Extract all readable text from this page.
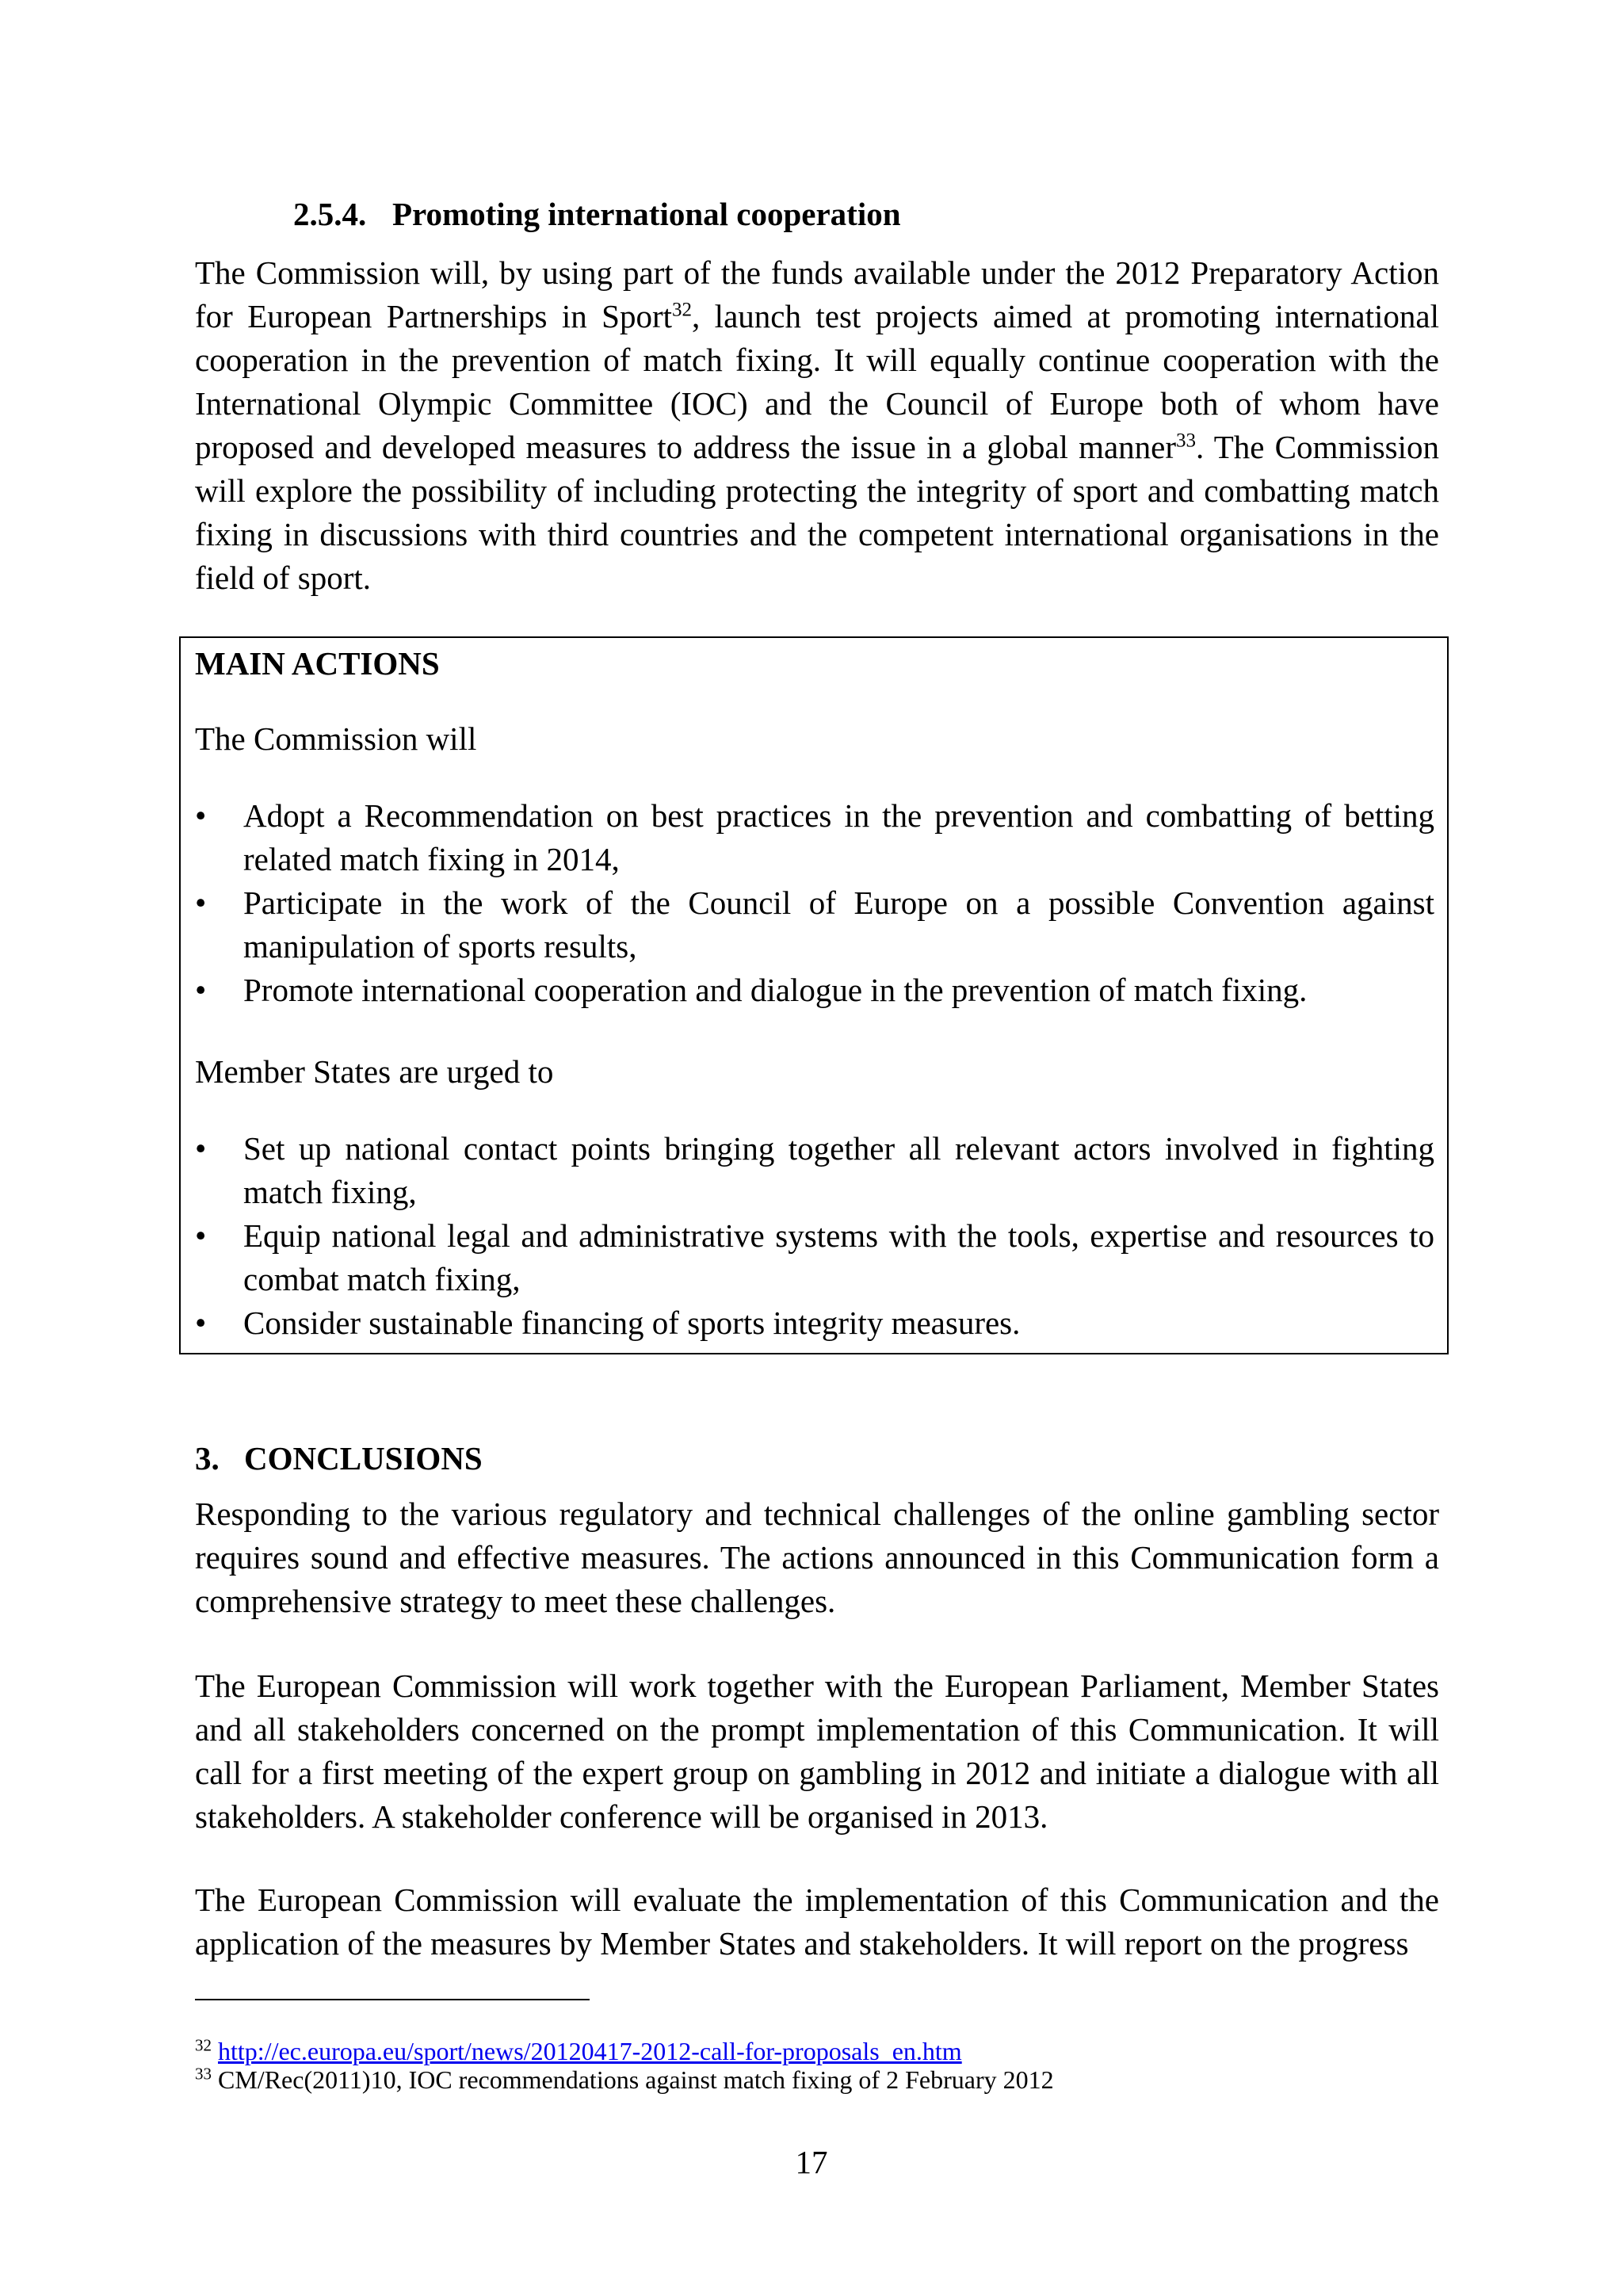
2.5.4. Promoting international cooperation

The Commission will, by using part of the funds available under the 2012 Preparatory Action for European Partnerships in Sport$^{32}$, launch test projects aimed at promoting international cooperation in the prevention of match fixing. It will equally continue cooperation with the International Olympic Committee (IOC) and the Council of Europe both of whom have proposed and developed measures to address the issue in a global manner$^{33}$. The Commission will explore the possibility of including protecting the integrity of sport and combatting match fixing in discussions with third countries and the competent international organisations in the field of sport.

MAIN ACTIONS

The Commission will

•	Adopt a Recommendation on best practices in the prevention and combatting of betting related match fixing in 2014,
•	Participate in the work of the Council of Europe on a possible Convention against manipulation of sports results,
•	Promote international cooperation and dialogue in the prevention of match fixing.

Member States are urged to

•	Set up national contact points bringing together all relevant actors involved in fighting match fixing,
•	Equip national legal and administrative systems with the tools, expertise and resources to combat match fixing,
•	Consider sustainable financing of sports integrity measures.
3. CONCLUSIONS

Responding to the various regulatory and technical challenges of the online gambling sector requires sound and effective measures. The actions announced in this Communication form a comprehensive strategy to meet these challenges.

The European Commission will work together with the European Parliament, Member States and all stakeholders concerned on the prompt implementation of this Communication. It will call for a first meeting of the expert group on gambling in 2012 and initiate a dialogue with all stakeholders. A stakeholder conference will be organised in 2013.

The European Commission will evaluate the implementation of this Communication and the application of the measures by Member States and stakeholders. It will report on the progress

$^{32}$ http://ec.europa.eu/sport/news/20120417-2012-call-for-proposals_en.htm
$^{33}$ CM/Rec(2011)10, IOC recommendations against match fixing of 2 February 2012
17
